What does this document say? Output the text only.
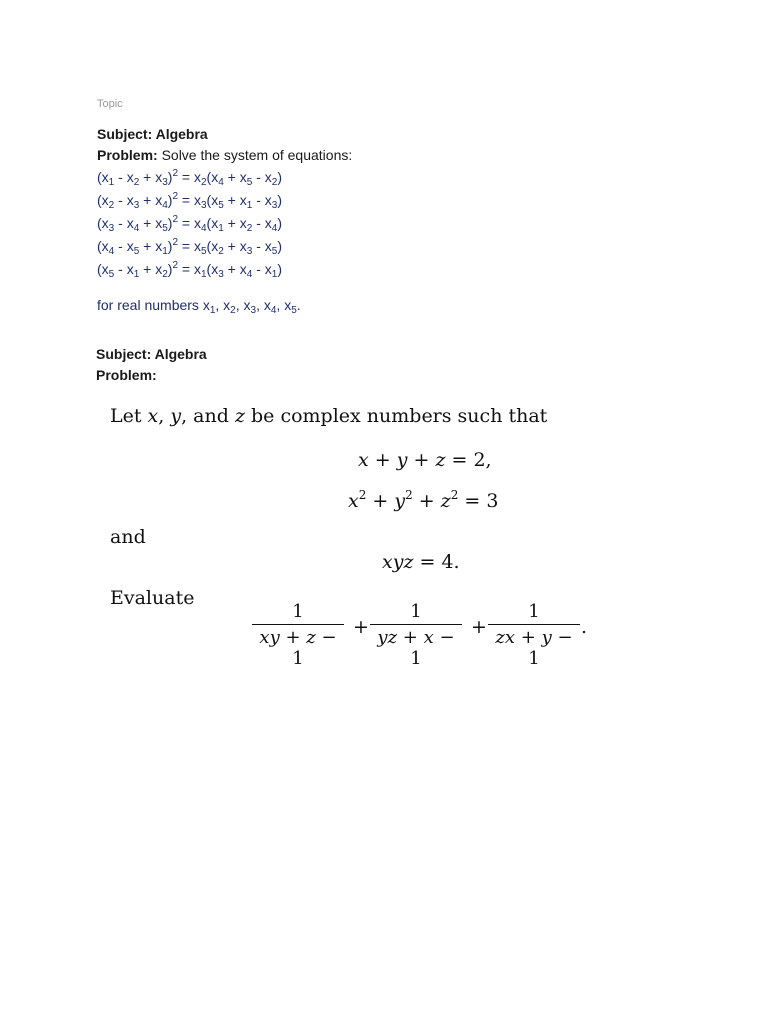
Topic
Subject: Algebra
Problem: Solve the system of equations:
$(x_1 - x_2 + x_3)^2 = x_2(x_4 + x_5 - x_2)$
$(x_2 - x_3 + x_4)^2 = x_3(x_5 + x_1 - x_3)$
$(x_3 - x_4 + x_5)^2 = x_4(x_1 + x_2 - x_4)$
$(x_4 - x_5 + x_1)^2 = x_5(x_2 + x_3 - x_5)$
$(x_5 - x_1 + x_2)^2 = x_1(x_3 + x_4 - x_1)$
for real numbers $x_1$, $x_2$, $x_3$, $x_4$, $x_5$.
Subject: Algebra
Problem:
Let x, y, and z be complex numbers such that
x + y + z = 2,
$x^2 + y^2 + z^2 = 3$
and
xyz = 4.
Evaluate
1
xy + z − 1
+
1
yz + x − 1
+
1
zx + y − 1
.
